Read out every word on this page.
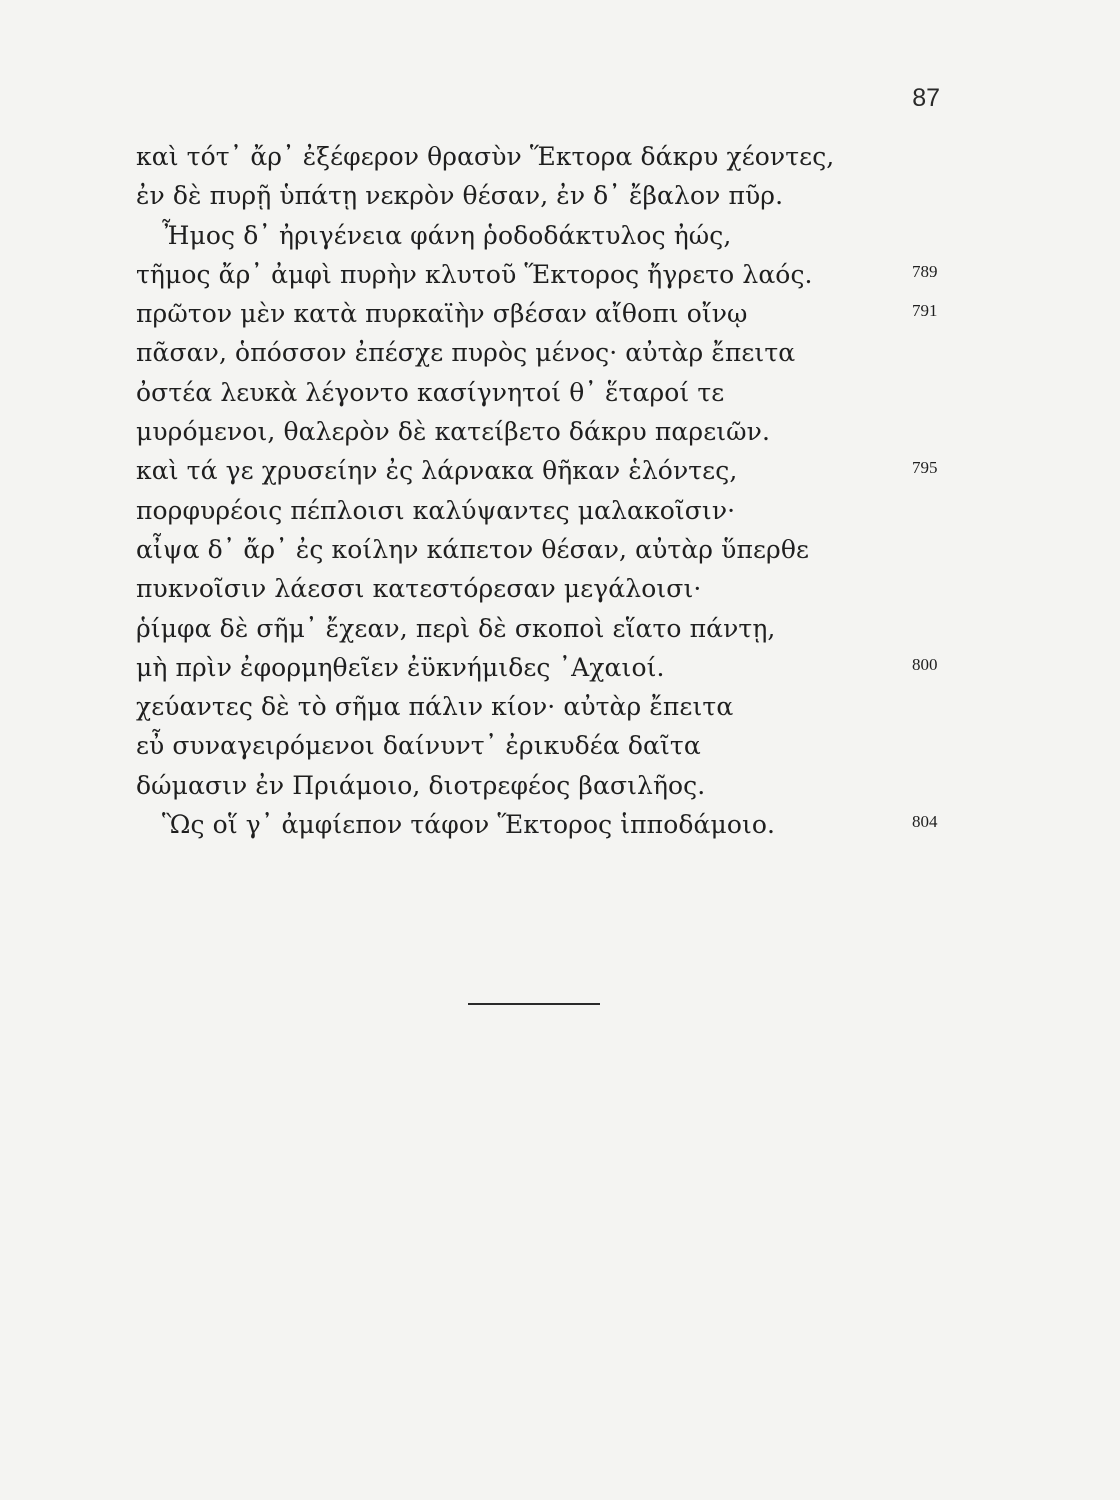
87
καὶ τότ᾿ ἄρ᾿ ἐξέφερον θρασὺν Ἕκτορα δάκρυ χέοντες,
ἐν δὲ πυρῇ ὑπάτῃ νεκρὸν θέσαν, ἐν δ᾿ ἔβαλον πῦρ.
Ἦμος δ᾿ ἠριγένεια φάνη ῥοδοδάκτυλος ἠώς,
τῆμος ἄρ᾿ ἀμφὶ πυρὴν κλυτοῦ Ἕκτορος ἤγρετο λαός.	789
πρῶτον μὲν κατὰ πυρκαϊὴν σβέσαν αἴθοπι οἴνῳ	791
πᾶσαν, ὁπόσσον ἐπέσχε πυρὸς μένος· αὐτὰρ ἔπειτα
ὀστέα λευκὰ λέγοντο κασίγνητοί θ᾿ ἕταροί τε
μυρόμενοι, θαλερὸν δὲ κατείβετο δάκρυ παρειῶν.
καὶ τά γε χρυσείην ἐς λάρνακα θῆκαν ἑλόντες,	795
πορφυρέοις πέπλοισι καλύψαντες μαλακοῖσιν·
αἶψα δ᾿ ἄρ᾿ ἐς κοίλην κάπετον θέσαν, αὐτὰρ ὕπερθε
πυκνοῖσιν λάεσσι κατεστόρεσαν μεγάλοισι·
ῥίμφα δὲ σῆμ᾿ ἔχεαν, περὶ δὲ σκοποὶ εἵατο πάντῃ,
μὴ πρὶν ἐφορμηθεῖεν ἐϋκνήμιδες ᾿Αχαιοί.	800
χεύαντες δὲ τὸ σῆμα πάλιν κίον· αὐτὰρ ἔπειτα
εὖ συναγειρόμενοι δαίνυντ᾿ ἐρικυδέα δαῖτα
δώμασιν ἐν Πριάμοιο, διοτρεφέος βασιλῆος.
Ὣς οἵ γ᾿ ἀμφίεπον τάφον Ἕκτορος ἱπποδάμοιο.	804
